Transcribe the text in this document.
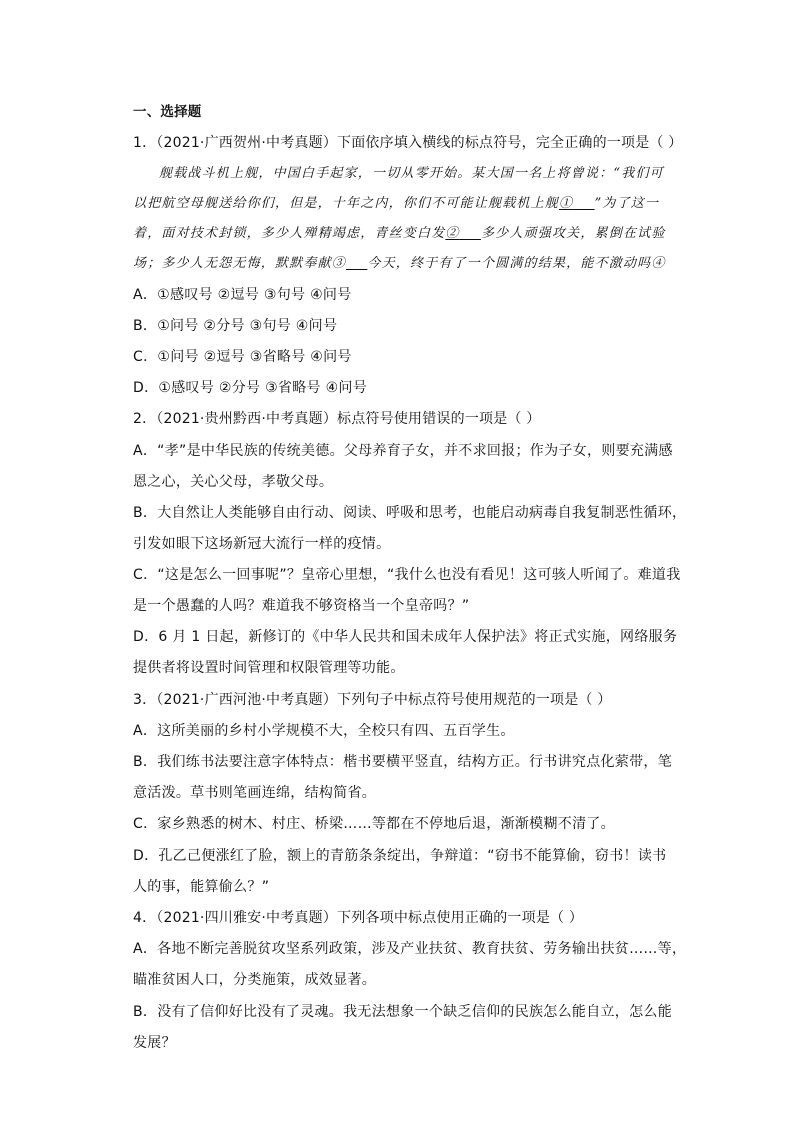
一、选择题
1．（2021·广西贺州·中考真题）下面依序填入横线的标点符号，完全正确的一项是（ ）
舰载战斗机上舰，中国白手起家，一切从零开始。某大国一名上将曾说：“我们可
以把航空母舰送给你们，但是，十年之内，你们不可能让舰载机上舰① ”为了这一
着，面对技术封锁，多少人殚精竭虑，青丝变白发② 多少人顽强攻关，累倒在试验
场；多少人无怨无悔，默默奉献③ 今天，终于有了一个圆满的结果，能不激动吗④
A．①感叹号 ②逗号 ③句号 ④问号
B．①问号 ②分号 ③句号 ④问号
C．①问号 ②逗号 ③省略号 ④问号
D．①感叹号 ②分号 ③省略号 ④问号
2．（2021·贵州黔西·中考真题）标点符号使用错误的一项是（ ）
A．“孝”是中华民族的传统美德。父母养育子女，并不求回报；作为子女，则要充满感
恩之心，关心父母，孝敬父母。
B．大自然让人类能够自由行动、阅读、呼吸和思考，也能启动病毒自我复制恶性循环，
引发如眼下这场新冠大流行一样的疫情。
C．“这是怎么一回事呢”？皇帝心里想，“我什么也没有看见！这可骇人听闻了。难道我
是一个愚蠢的人吗？难道我不够资格当一个皇帝吗？”
D．6 月 1 日起，新修订的《中华人民共和国未成年人保护法》将正式实施，网络服务
提供者将设置时间管理和权限管理等功能。
3．（2021·广西河池·中考真题）下列句子中标点符号使用规范的一项是（ ）
A．这所美丽的乡村小学规模不大，全校只有四、五百学生。
B．我们练书法要注意字体特点：楷书要横平竖直，结构方正。行书讲究点化萦带，笔
意活泼。草书则笔画连绵，结构简省。
C．家乡熟悉的树木、村庄、桥梁……等都在不停地后退，渐渐模糊不清了。
D．孔乙己便涨红了脸，额上的青筋条条绽出，争辩道：“窃书不能算偷，窃书！读书
人的事，能算偷么？”
4．（2021·四川雅安·中考真题）下列各项中标点使用正确的一项是（ ）
A．各地不断完善脱贫攻坚系列政策，涉及产业扶贫、教育扶贫、劳务输出扶贫……等，
瞄准贫困人口，分类施策，成效显著。
B．没有了信仰好比没有了灵魂。我无法想象一个缺乏信仰的民族怎么能自立，怎么能
发展？
